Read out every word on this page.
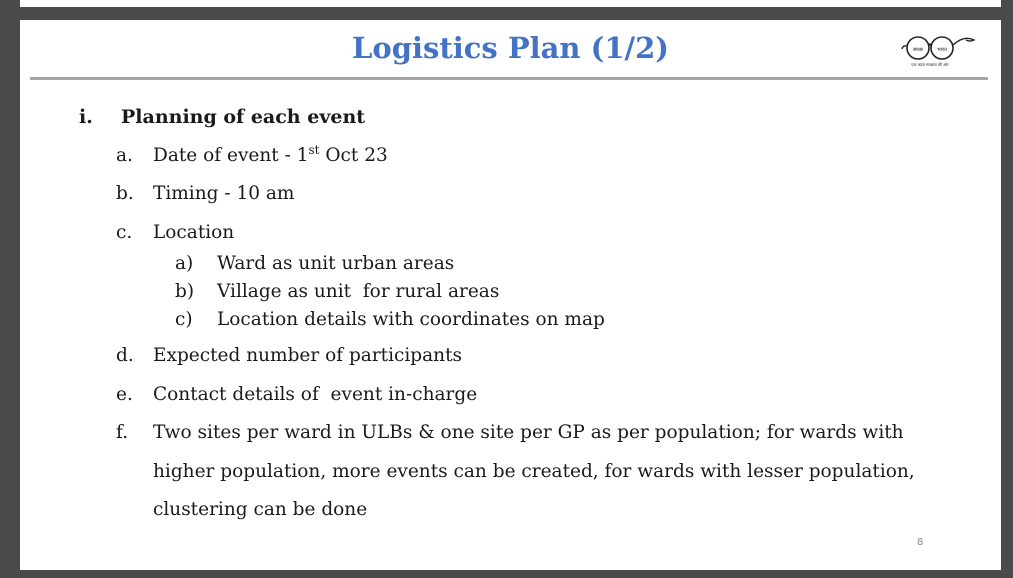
Logistics Plan (1/2)	स्वच्छ	भारत
एक कदम स्वच्छता की ओर
i. Planning of each event
a. Date of event - 1st Oct 23
b. Timing - 10 am
c. Location
a) Ward as unit urban areas
b) Village as unit  for rural areas
c) Location details with coordinates on map
d. Expected number of participants
e. Contact details of  event in-charge
f. Two sites per ward in ULBs & one site per GP as per population; for wards with
higher population, more events can be created, for wards with lesser population,
clustering can be done
8
